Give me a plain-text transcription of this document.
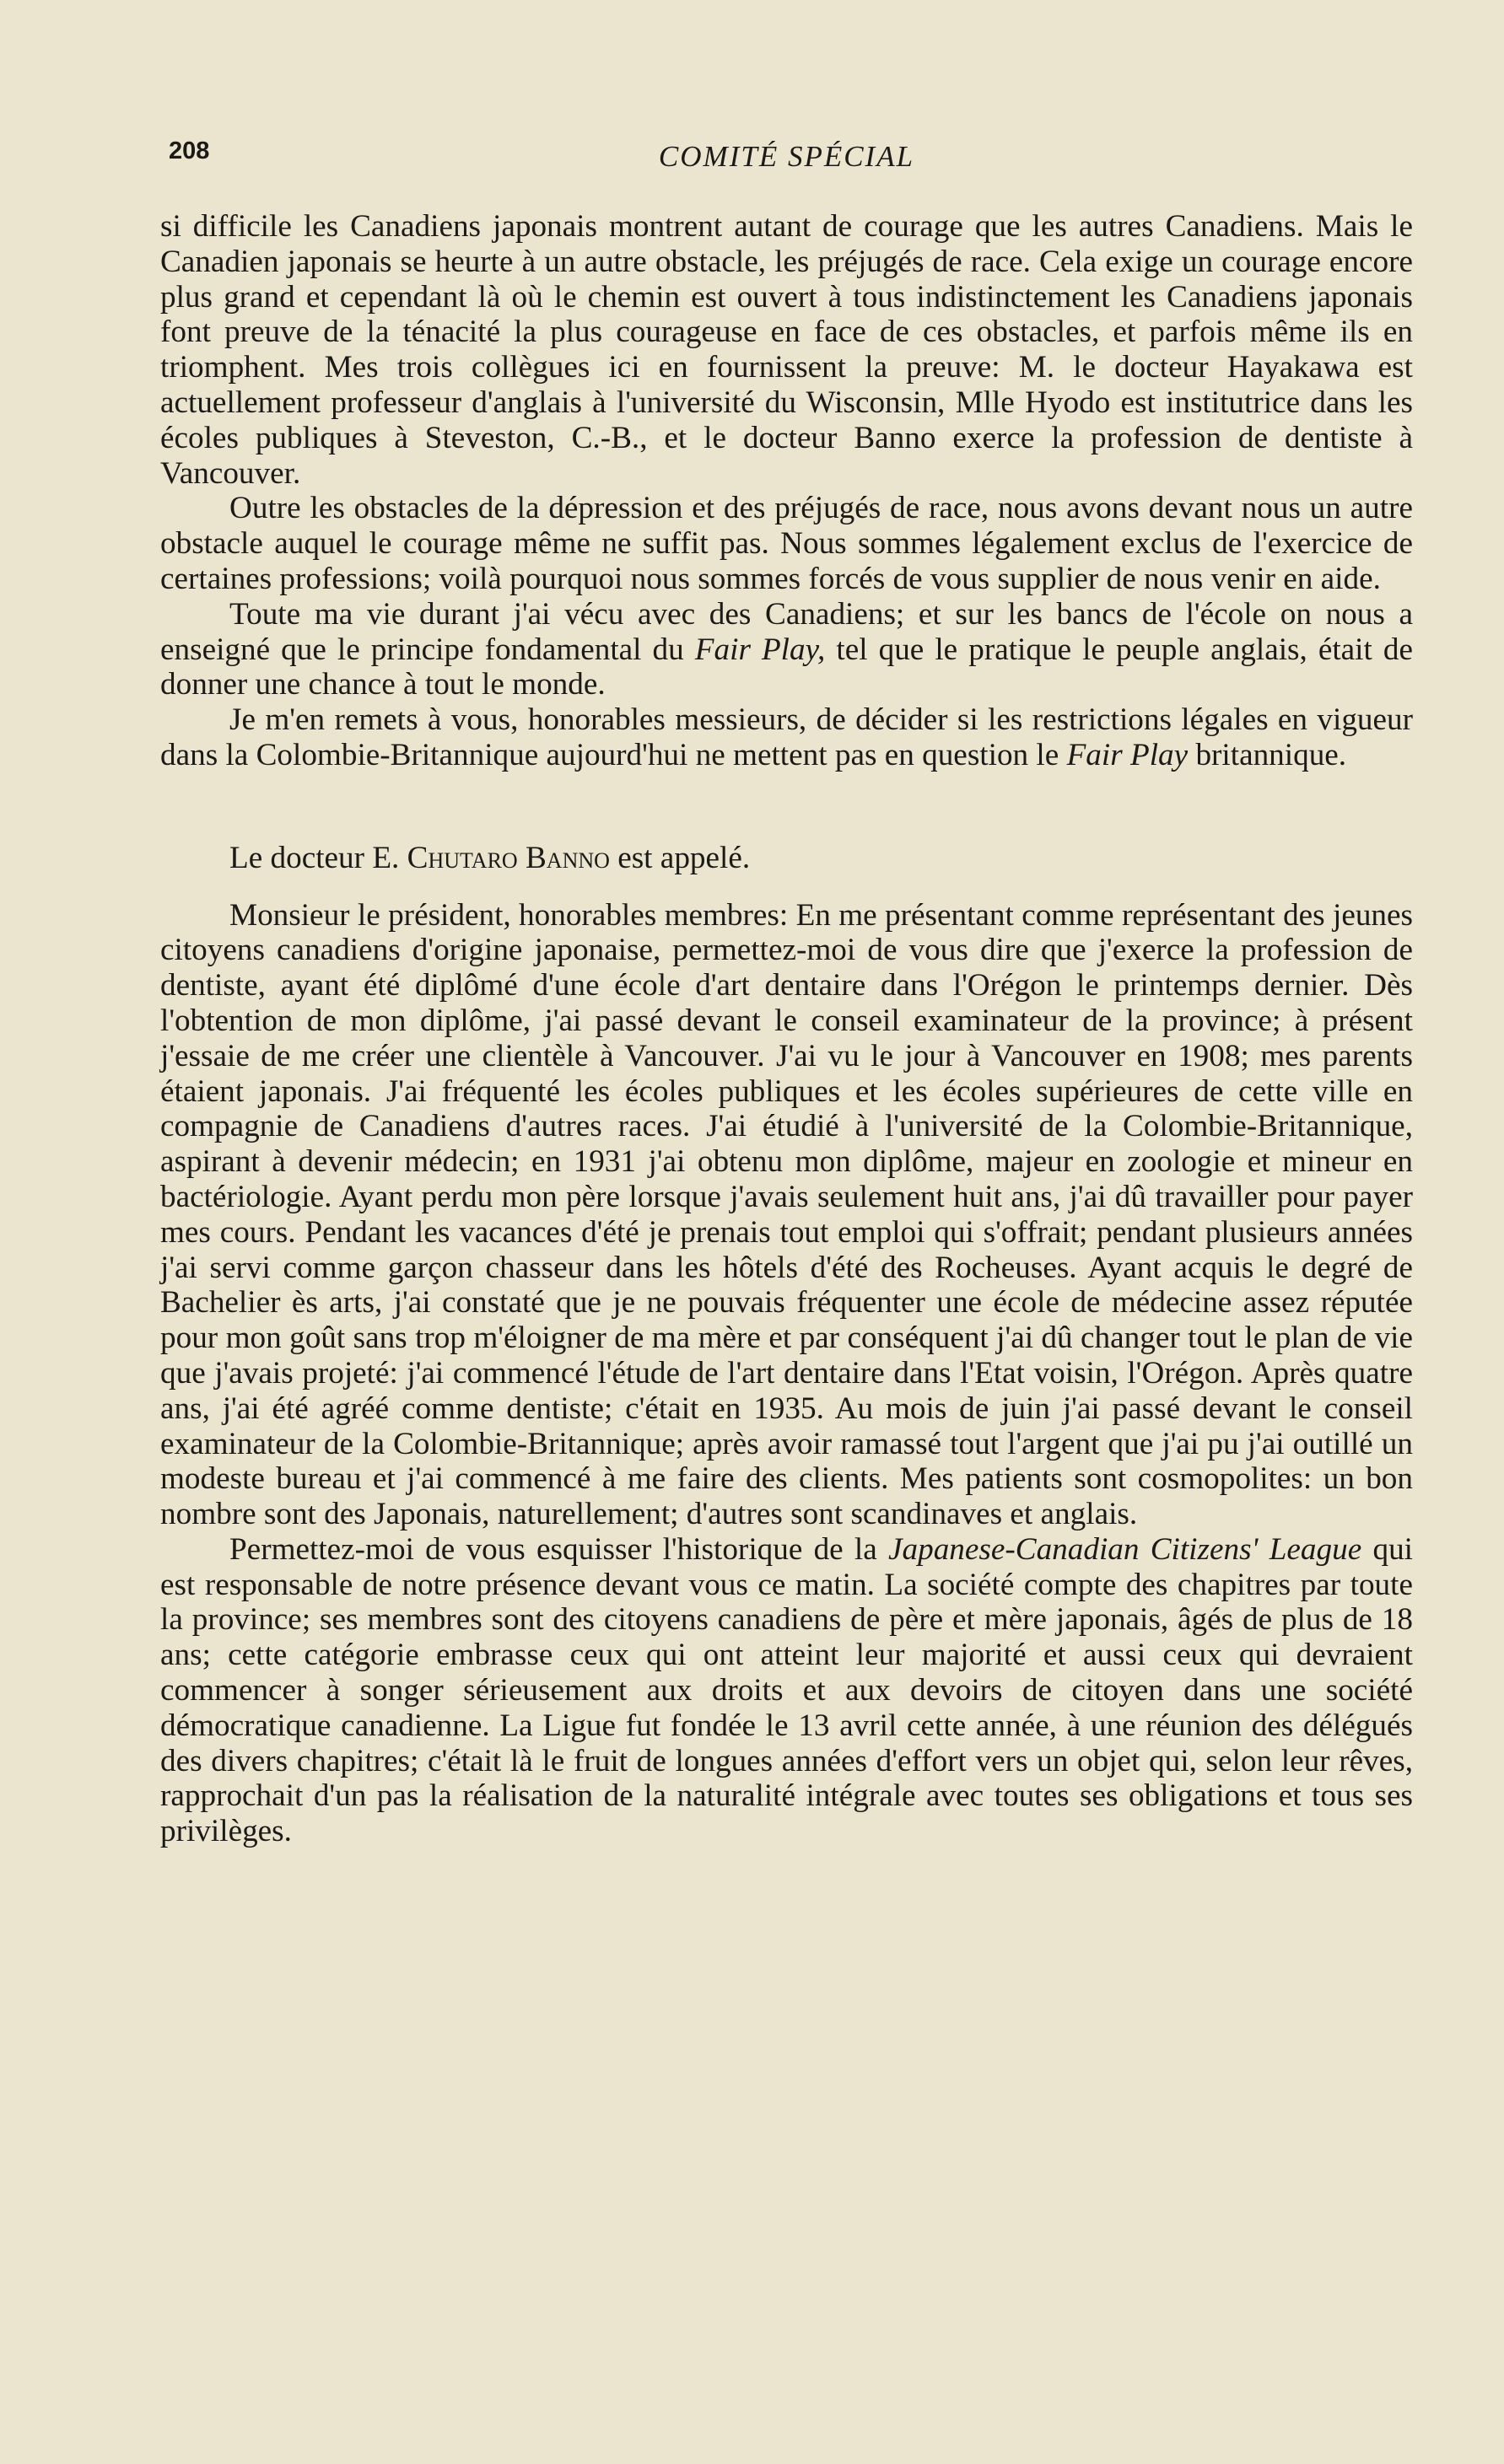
208	COMITÉ SPÉCIAL

si difficile les Canadiens japonais montrent autant de courage que les autres Canadiens. Mais le Canadien japonais se heurte à un autre obstacle, les préjugés de race. Cela exige un courage encore plus grand et cependant là où le chemin est ouvert à tous indistinctement les Canadiens japonais font preuve de la ténacité la plus courageuse en face de ces obstacles, et parfois même ils en triomphent. Mes trois collègues ici en fournissent la preuve: M. le docteur Hayakawa est actuellement professeur d'anglais à l'université du Wisconsin, Mlle Hyodo est institutrice dans les écoles publiques à Steveston, C.-B., et le docteur Banno exerce la profession de dentiste à Vancouver.

Outre les obstacles de la dépression et des préjugés de race, nous avons devant nous un autre obstacle auquel le courage même ne suffit pas. Nous sommes légalement exclus de l'exercice de certaines professions; voilà pourquoi nous sommes forcés de vous supplier de nous venir en aide.

Toute ma vie durant j'ai vécu avec des Canadiens; et sur les bancs de l'école on nous a enseigné que le principe fondamental du Fair Play, tel que le pratique le peuple anglais, était de donner une chance à tout le monde.

Je m'en remets à vous, honorables messieurs, de décider si les restrictions légales en vigueur dans la Colombie-Britannique aujourd'hui ne mettent pas en question le Fair Play britannique.

Le docteur E. Chutaro Banno est appelé.

Monsieur le président, honorables membres: En me présentant comme représentant des jeunes citoyens canadiens d'origine japonaise, permettez-moi de vous dire que j'exerce la profession de dentiste, ayant été diplômé d'une école d'art dentaire dans l'Orégon le printemps dernier. Dès l'obtention de mon diplôme, j'ai passé devant le conseil examinateur de la province; à présent j'essaie de me créer une clientèle à Vancouver. J'ai vu le jour à Vancouver en 1908; mes parents étaient japonais. J'ai fréquenté les écoles publiques et les écoles supérieures de cette ville en compagnie de Canadiens d'autres races. J'ai étudié à l'université de la Colombie-Britannique, aspirant à devenir médecin; en 1931 j'ai obtenu mon diplôme, majeur en zoologie et mineur en bactériologie. Ayant perdu mon père lorsque j'avais seulement huit ans, j'ai dû travailler pour payer mes cours. Pendant les vacances d'été je prenais tout emploi qui s'offrait; pendant plusieurs années j'ai servi comme garçon chasseur dans les hôtels d'été des Rocheuses. Ayant acquis le degré de Bachelier ès arts, j'ai constaté que je ne pouvais fréquenter une école de médecine assez réputée pour mon goût sans trop m'éloigner de ma mère et par conséquent j'ai dû changer tout le plan de vie que j'avais projeté: j'ai commencé l'étude de l'art dentaire dans l'Etat voisin, l'Orégon. Après quatre ans, j'ai été agréé comme dentiste; c'était en 1935. Au mois de juin j'ai passé devant le conseil examinateur de la Colombie-Britannique; après avoir ramassé tout l'argent que j'ai pu j'ai outillé un modeste bureau et j'ai commencé à me faire des clients. Mes patients sont cosmopolites: un bon nombre sont des Japonais, naturellement; d'autres sont scandinaves et anglais.

Permettez-moi de vous esquisser l'historique de la Japanese-Canadian Citizens' League qui est responsable de notre présence devant vous ce matin. La société compte des chapitres par toute la province; ses membres sont des citoyens canadiens de père et mère japonais, âgés de plus de 18 ans; cette catégorie embrasse ceux qui ont atteint leur majorité et aussi ceux qui devraient commencer à songer sérieusement aux droits et aux devoirs de citoyen dans une société démocratique canadienne. La Ligue fut fondée le 13 avril cette année, à une réunion des délégués des divers chapitres; c'était là le fruit de longues années d'effort vers un objet qui, selon leur rêves, rapprochait d'un pas la réalisation de la naturalité intégrale avec toutes ses obligations et tous ses privilèges.
